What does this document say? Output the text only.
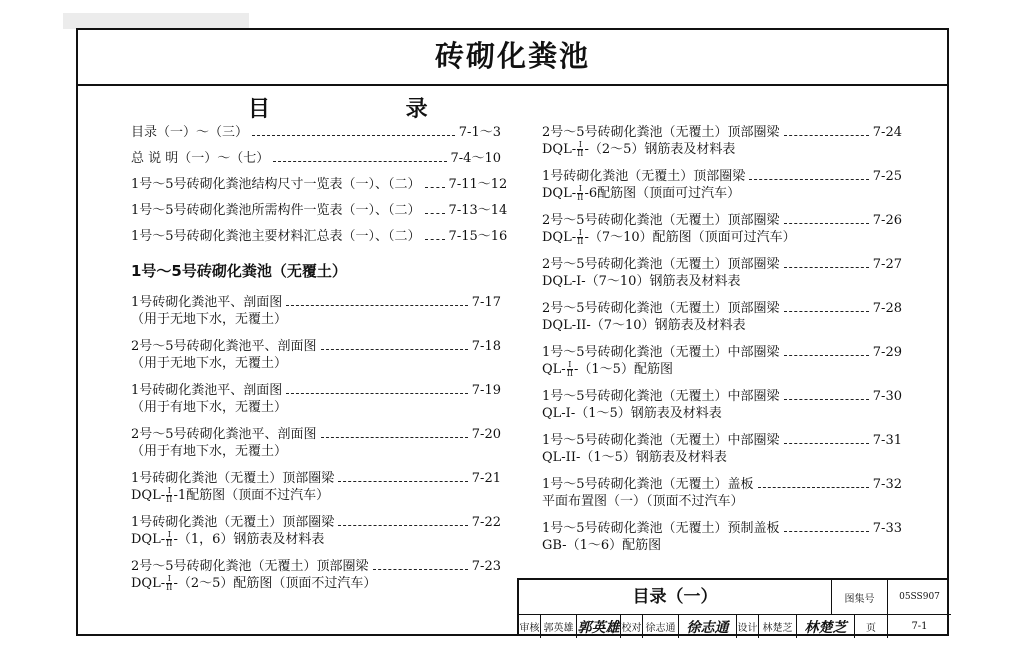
砖砌化粪池
目 录
目录（一）～（三）	7-1～3
总 说 明（一）～（七）	7-4～10
1号～5号砖砌化粪池结构尺寸一览表（一）、（二） 7-11～12
1号～5号砖砌化粪池所需构件一览表（一）、（二） 7-13～14
1号～5号砖砌化粪池主要材料汇总表（一）、（二） 7-15～16
1号～5号砖砌化粪池（无覆土）
1号砖砌化粪池平、剖面图	7-17
（用于无地下水，无覆土）
2号～5号砖砌化粪池平、剖面图	7-18
（用于无地下水，无覆土）
1号砖砌化粪池平、剖面图	7-19
（用于有地下水，无覆土）
2号～5号砖砌化粪池平、剖面图	7-20
（用于有地下水，无覆土）
1号砖砌化粪池（无覆土）顶部圈梁	7-21
$DQL- \frac{I}{II} -1$配筋图（顶面不过汽车）
1号砖砌化粪池（无覆土）顶部圈梁	7-22
$DQL- \frac{I}{II} -(1$，6）钢筋表及材料表
2号～5号砖砌化粪池（无覆土）顶部圈梁	7-23
$DQL- \frac{I}{II}$ -（2～5）配筋图（顶面不过汽车）
2号～5号砖砌化粪池（无覆土）顶部圈梁	7-24
$DQL- \frac{I}{II}$ -（2～5）钢筋表及材料表
1号砖砌化粪池（无覆土）顶部圈梁	7-25
$DQL- \frac{I}{II} -6$配筋图（顶面可过汽车）
2号～5号砖砌化粪池（无覆土）顶部圈梁	7-26
$DQL- \frac{I}{II}$ -（7～10）配筋图（顶面可过汽车）
2号～5号砖砌化粪池（无覆土）顶部圈梁	7-27
DQL-I-（7～10）钢筋表及材料表
2号～5号砖砌化粪池（无覆土）顶部圈梁	7-28
DQL-II-（7～10）钢筋表及材料表
1号～5号砖砌化粪池（无覆土）中部圈梁	7-29
$QL- \frac{I}{II}$ -（1～5）配筋图
1号～5号砖砌化粪池（无覆土）中部圈梁	7-30
QL-I-（1～5）钢筋表及材料表
1号～5号砖砌化粪池（无覆土）中部圈梁	7-31
QL-II-（1～5）钢筋表及材料表
1号～5号砖砌化粪池（无覆土）盖板	7-32
平面布置图（一）（顶面不过汽车）
1号～5号砖砌化粪池（无覆土）预制盖板	7-33
GB-（1～6）配筋图
目录（一）	图集号	05SS907
审核 郭英雄 郭英雄 校对 徐志通 徐志通 设计 林楚芝 林楚芝	页	7-1
